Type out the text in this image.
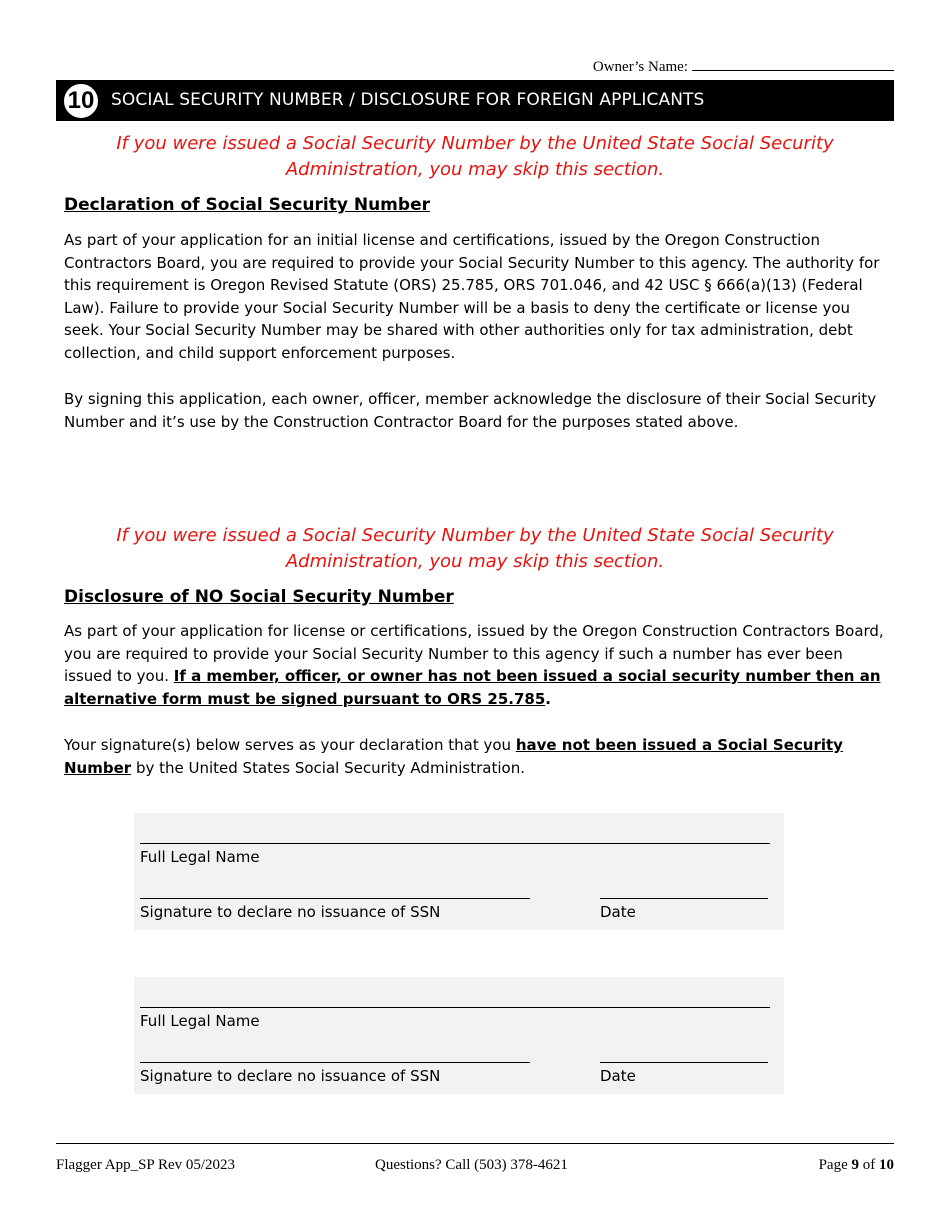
Owner’s Name:
10 SOCIAL SECURITY NUMBER / DISCLOSURE FOR FOREIGN APPLICANTS
If you were issued a Social Security Number by the United State Social Security
Administration, you may skip this section.
Declaration of Social Security Number
As part of your application for an initial license and certifications, issued by the Oregon Construction Contractors Board, you are required to provide your Social Security Number to this agency. The authority for this requirement is Oregon Revised Statute (ORS) 25.785, ORS 701.046, and 42 USC § 666(a)(13) (Federal Law). Failure to provide your Social Security Number will be a basis to deny the certificate or license you seek. Your Social Security Number may be shared with other authorities only for tax administration, debt collection, and child support enforcement purposes.
By signing this application, each owner, officer, member acknowledge the disclosure of their Social Security Number and it’s use by the Construction Contractor Board for the purposes stated above.
If you were issued a Social Security Number by the United State Social Security
Administration, you may skip this section.
Disclosure of NO Social Security Number
As part of your application for license or certifications, issued by the Oregon Construction Contractors Board, you are required to provide your Social Security Number to this agency if such a number has ever been issued to you. If a member, officer, or owner has not been issued a social security number then an alternative form must be signed pursuant to ORS 25.785.
Your signature(s) below serves as your declaration that you have not been issued a Social Security Number by the United States Social Security Administration.
Full Legal Name
Signature to declare no issuance of SSN	Date
Full Legal Name
Signature to declare no issuance of SSN	Date
Flagger App_SP Rev 05/2023	Questions? Call (503) 378-4621	Page 9 of 10
